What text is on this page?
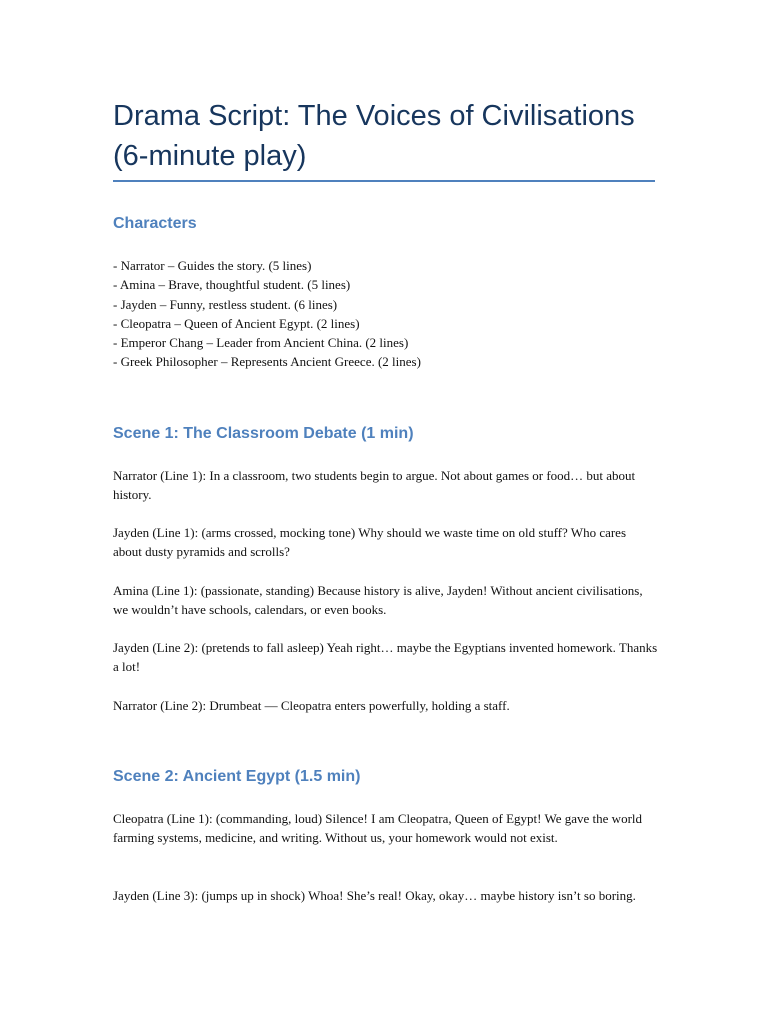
Drama Script: The Voices of Civilisations (6-minute play)
Characters
- Narrator – Guides the story. (5 lines)
- Amina – Brave, thoughtful student. (5 lines)
- Jayden – Funny, restless student. (6 lines)
- Cleopatra – Queen of Ancient Egypt. (2 lines)
- Emperor Chang – Leader from Ancient China. (2 lines)
- Greek Philosopher – Represents Ancient Greece. (2 lines)
Scene 1: The Classroom Debate (1 min)

Narrator (Line 1): In a classroom, two students begin to argue. Not about games or food… but about history.

Jayden (Line 1): (arms crossed, mocking tone) Why should we waste time on old stuff? Who cares about dusty pyramids and scrolls?

Amina (Line 1): (passionate, standing) Because history is alive, Jayden! Without ancient civilisations, we wouldn’t have schools, calendars, or even books.

Jayden (Line 2): (pretends to fall asleep) Yeah right… maybe the Egyptians invented homework. Thanks a lot!

Narrator (Line 2): Drumbeat — Cleopatra enters powerfully, holding a staff.

Scene 2: Ancient Egypt (1.5 min)

Cleopatra (Line 1): (commanding, loud) Silence! I am Cleopatra, Queen of Egypt! We gave the world farming systems, medicine, and writing. Without us, your homework would not exist.

Jayden (Line 3): (jumps up in shock) Whoa! She’s real! Okay, okay… maybe history isn’t so boring.
